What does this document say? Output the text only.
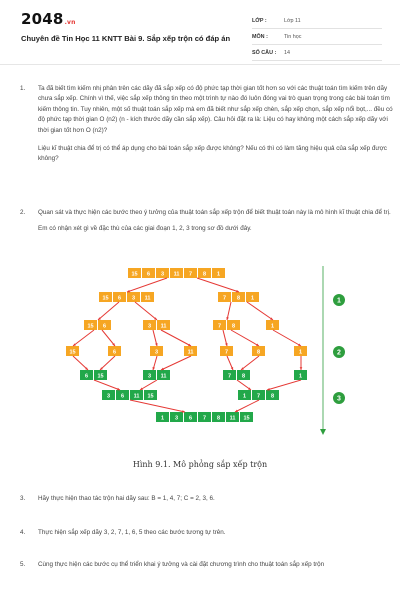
2048.vn
Chuyên đề Tin Học 11 KNTT Bài 9. Sắp xếp trộn có đáp án
LỚP :	Lớp 11
MÔN :	Tin học
SỐ CÂU :	14
1. Ta đã biết tìm kiếm nhị phân trên các dãy đã sắp xếp có độ phức tạp thời gian tốt hơn so với các thuật toán tìm kiếm trên dãy chưa sắp xếp. Chính vì thế, việc sắp xếp thông tin theo một trình tự nào đó luôn đóng vai trò quan trọng trong các bài toán tìm kiếm thông tin. Tuy nhiên, một số thuật toán sắp xếp mà em đã biết như sắp xếp chèn, sắp xếp chọn, sắp xếp nổi bọt,... đều có độ phức tạp thời gian O (n2) (n - kích thước dãy cần sắp xếp). Câu hỏi đặt ra là: Liệu có hay không một cách sắp xếp dãy với thời gian tốt hơn O (n2)?

Liệu kĩ thuật chia để trị có thể áp dụng cho bài toán sắp xếp được không? Nếu có thì có làm tăng hiệu quả của sắp xếp được không?

2. Quan sát và thực hiện các bước theo ý tưởng của thuật toán sắp xếp trộn để biết thuật toán này là mô hình kĩ thuật chia để trị.

Em có nhận xét gì về đặc thù của các giai đoạn 1, 2, 3 trong sơ đồ dưới đây.

15 6 3 11 7 8 1
15 6 3 11	7 8 1
15 6	3 11	7 8	1
15	6	3	11	7	8	1
6 15	3 11	7 8	1
3 6 11 15	1 7 8
1 3 6 7 8 11 15
1
2
3
Hình 9.1. Mô phỏng sắp xếp trộn
3. Hãy thực hiện thao tác trộn hai dãy sau: B = 1, 4, 7; C = 2, 3, 6.
4. Thực hiện sắp xếp dãy 3, 2, 7, 1, 6, 5 theo các bước tương tự trên.
5. Cùng thực hiện các bước cụ thể triển khai ý tưởng và cài đặt chương trình cho thuật toán sắp xếp trộn
